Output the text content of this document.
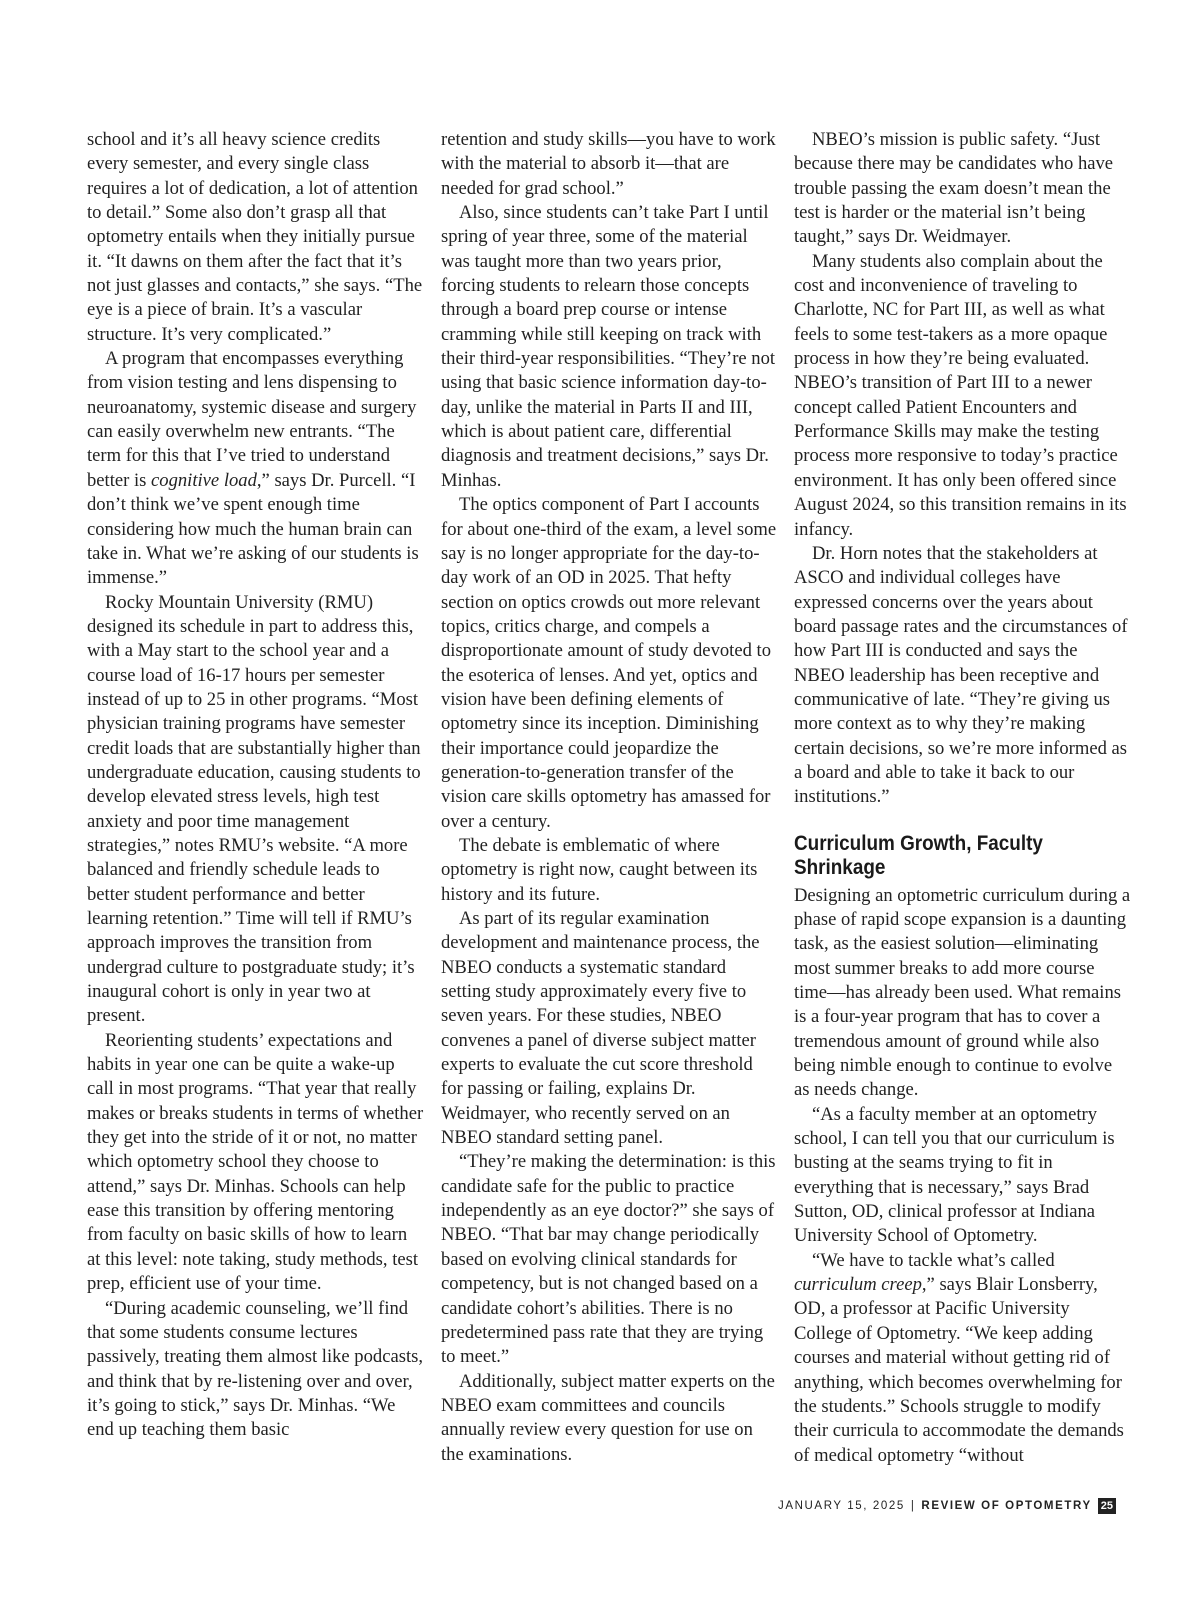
school and it’s all heavy science credits every semester, and every single class requires a lot of dedication, a lot of attention to detail.” Some also don’t grasp all that optometry entails when they initially pursue it. “It dawns on them after the fact that it’s not just glasses and contacts,” she says. “The eye is a piece of brain. It’s a vascular structure. It’s very complicated.”

A program that encompasses everything from vision testing and lens dispensing to neuroanatomy, systemic disease and surgery can easily overwhelm new entrants. “The term for this that I’ve tried to understand better is cognitive load,” says Dr. Purcell. “I don’t think we’ve spent enough time considering how much the human brain can take in. What we’re asking of our students is immense.”

Rocky Mountain University (RMU) designed its schedule in part to address this, with a May start to the school year and a course load of 16-17 hours per semester instead of up to 25 in other programs. “Most physician training programs have semester credit loads that are substantially higher than undergraduate education, causing students to develop elevated stress levels, high test anxiety and poor time management strategies,” notes RMU’s website. “A more balanced and friendly schedule leads to better student performance and better learning retention.” Time will tell if RMU’s approach improves the transition from undergrad culture to postgraduate study; it’s inaugural cohort is only in year two at present.

Reorienting students’ expectations and habits in year one can be quite a wake-up call in most programs. “That year that really makes or breaks students in terms of whether they get into the stride of it or not, no matter which optometry school they choose to attend,” says Dr. Minhas. Schools can help ease this transition by offering mentoring from faculty on basic skills of how to learn at this level: note taking, study methods, test prep, efficient use of your time.

“During academic counseling, we’ll find that some students consume lectures passively, treating them almost like podcasts, and think that by re-listening over and over, it’s going to stick,” says Dr. Minhas. “We end up teaching them basic

retention and study skills—you have to work with the material to absorb it—that are needed for grad school.”

Also, since students can’t take Part I until spring of year three, some of the material was taught more than two years prior, forcing students to relearn those concepts through a board prep course or intense cramming while still keeping on track with their third-year responsibilities. “They’re not using that basic science information day-to-day, unlike the material in Parts II and III, which is about patient care, differential diagnosis and treatment decisions,” says Dr. Minhas.

The optics component of Part I accounts for about one-third of the exam, a level some say is no longer appropriate for the day-to-day work of an OD in 2025. That hefty section on optics crowds out more relevant topics, critics charge, and compels a disproportionate amount of study devoted to the esoterica of lenses. And yet, optics and vision have been defining elements of optometry since its inception. Diminishing their importance could jeopardize the generation-to-generation transfer of the vision care skills optometry has amassed for over a century.

The debate is emblematic of where optometry is right now, caught between its history and its future.

As part of its regular examination development and maintenance process, the NBEO conducts a systematic standard setting study approximately every five to seven years. For these studies, NBEO convenes a panel of diverse subject matter experts to evaluate the cut score threshold for passing or failing, explains Dr. Weidmayer, who recently served on an NBEO standard setting panel.

“They’re making the determination: is this candidate safe for the public to practice independently as an eye doctor?” she says of NBEO. “That bar may change periodically based on evolving clinical standards for competency, but is not changed based on a candidate cohort’s abilities. There is no predetermined pass rate that they are trying to meet.”

Additionally, subject matter experts on the NBEO exam committees and councils annually review every question for use on the examinations.

NBEO’s mission is public safety. “Just because there may be candidates who have trouble passing the exam doesn’t mean the test is harder or the material isn’t being taught,” says Dr. Weidmayer.

Many students also complain about the cost and inconvenience of traveling to Charlotte, NC for Part III, as well as what feels to some test-takers as a more opaque process in how they’re being evaluated. NBEO’s transition of Part III to a newer concept called Patient Encounters and Performance Skills may make the testing process more responsive to today’s practice environment. It has only been offered since August 2024, so this transition remains in its infancy.

Dr. Horn notes that the stakeholders at ASCO and individual colleges have expressed concerns over the years about board passage rates and the circumstances of how Part III is conducted and says the NBEO leadership has been receptive and communicative of late. “They’re giving us more context as to why they’re making certain decisions, so we’re more informed as a board and able to take it back to our institutions.”

Curriculum Growth, Faculty Shrinkage

Designing an optometric curriculum during a phase of rapid scope expansion is a daunting task, as the easiest solution—eliminating most summer breaks to add more course time—has already been used. What remains is a four-year program that has to cover a tremendous amount of ground while also being nimble enough to continue to evolve as needs change.

“As a faculty member at an optometry school, I can tell you that our curriculum is busting at the seams trying to fit in everything that is necessary,” says Brad Sutton, OD, clinical professor at Indiana University School of Optometry.

“We have to tackle what’s called curriculum creep,” says Blair Lonsberry, OD, a professor at Pacific University College of Optometry. “We keep adding courses and material without getting rid of anything, which becomes overwhelming for the students.” Schools struggle to modify their curricula to accommodate the demands of medical optometry “without

JANUARY 15, 2025 | REVIEW OF OPTOMETRY 25
